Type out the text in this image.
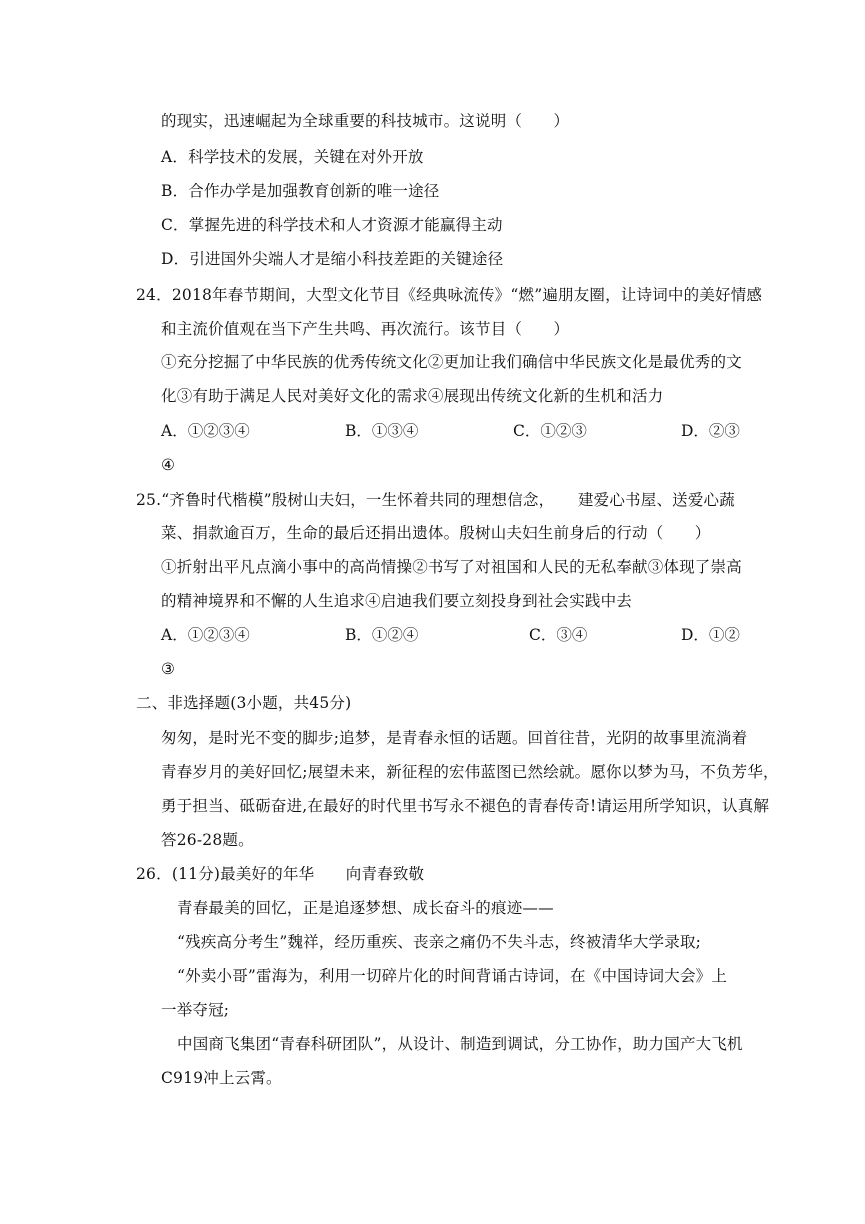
的现实，迅速崛起为全球重要的科技城市。这说明（　　）
A．科学技术的发展，关键在对外开放
B．合作办学是加强教育创新的唯一途径
C．掌握先进的科学技术和人才资源才能赢得主动
D．引进国外尖端人才是缩小科技差距的关键途径
24．2018年春节期间，大型文化节目《经典咏流传》“燃”遍朋友圈，让诗词中的美好情感
和主流价值观在当下产生共鸣、再次流行。该节目（　　）
①充分挖掘了中华民族的优秀传统文化②更加让我们确信中华民族文化是最优秀的文
化③有助于满足人民对美好文化的需求④展现出传统文化新的生机和活力
A．①②③④	B．①③④	C．①②③	D．②③
④
25.“齐鲁时代楷模”殷树山夫妇，一生怀着共同的理想信念，　　建爱心书屋、送爱心蔬
菜、捐款逾百万，生命的最后还捐出遗体。殷树山夫妇生前身后的行动（　　）
①折射出平凡点滴小事中的高尚情操②书写了对祖国和人民的无私奉献③体现了崇高
的精神境界和不懈的人生追求④启迪我们要立刻投身到社会实践中去
A．①②③④	B．①②④	C．③④	D．①②
③
二、非选择题(3小题，共45分)
匆匆，是时光不变的脚步;追梦，是青春永恒的话题。回首往昔，光阴的故事里流淌着
青春岁月的美好回忆;展望未来，新征程的宏伟蓝图已然绘就。愿你以梦为马，不负芳华，
勇于担当、砥砺奋进,在最好的时代里书写永不褪色的青春传奇!请运用所学知识，认真解
答26-28题。
26．(11分)最美好的年华　　向青春致敬
青春最美的回忆，正是追逐梦想、成长奋斗的痕迹——
“残疾高分考生”魏祥，经历重疾、丧亲之痛仍不失斗志，终被清华大学录取;
“外卖小哥”雷海为，利用一切碎片化的时间背诵古诗词，在《中国诗词大会》上
一举夺冠;
中国商飞集团“青春科研团队”，从设计、制造到调试，分工协作，助力国产大飞机
C919冲上云霄。
